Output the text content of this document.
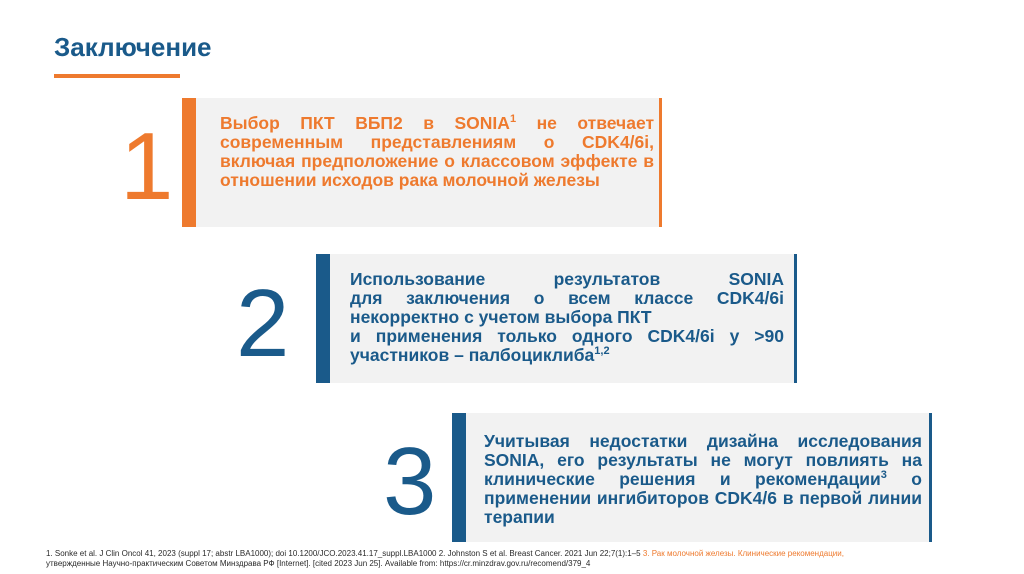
Заключение
1	Выбор ПКТ ВБП2 в SONIA$^1$ не отвечает современным представлениям о CDK4/6i, включая предположение о классовом эффекте в отношении исходов рака молочной железы
2	Использование результатов SONIA
для заключения о всем классе CDK4/6i
некорректно с учетом выбора ПКТ
и применения только одного CDK4/6i у >90
участников – палбоциклиба$^{1,2}$
3	Учитывая недостатки дизайна исследования SONIA, его результаты не могут повлиять на клинические решения и рекомендации$^3$ о применении ингибиторов CDK4/6 в первой линии терапии
1. Sonke et al. J Clin Oncol 41, 2023 (suppl 17; abstr LBA1000); doi 10.1200/JCO.2023.41.17_suppl.LBA1000 2. Johnston S et al. Breast Cancer. 2021 Jun 22;7(1):1–5 3. Рак молочной железы. Клинические рекомендации,
утвержденные Научно-практическим Советом Минздрава РФ [Internet]. [cited 2023 Jun 25]. Available from: https://cr.minzdrav.gov.ru/recomend/379_4
